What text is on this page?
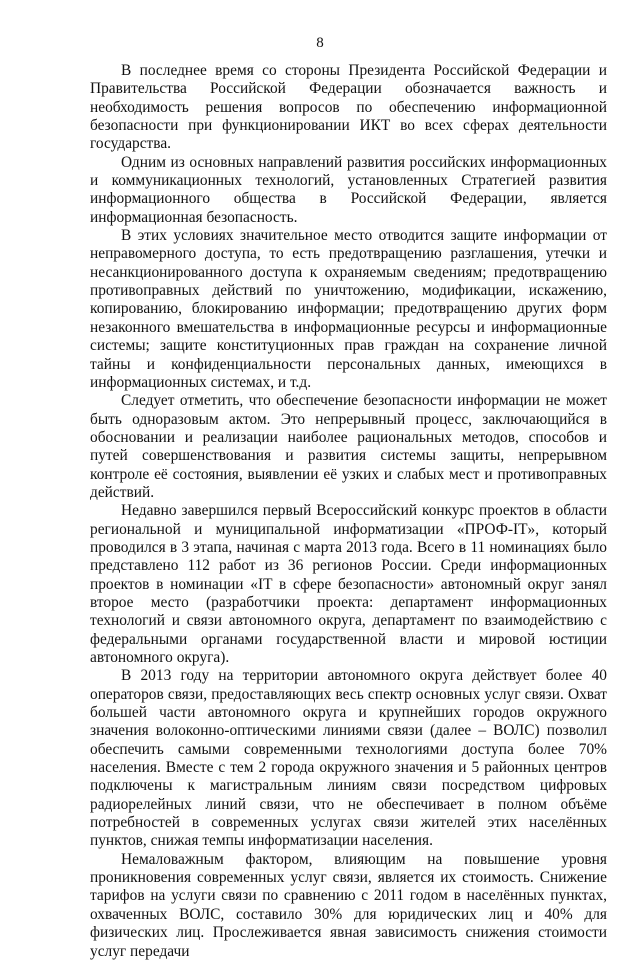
8

В последнее время со стороны Президента Российской Федерации и Правительства Российской Федерации обозначается важность и необходимость решения вопросов по обеспечению информационной безопасности при функционировании ИКТ во всех сферах деятельности государства.

Одним из основных направлений развития российских информационных и коммуникационных технологий, установленных Стратегией развития информационного общества в Российской Федерации, является информационная безопасность.

В этих условиях значительное место отводится защите информации от неправомерного доступа, то есть предотвращению разглашения, утечки и несанкционированного доступа к охраняемым сведениям; предотвращению противоправных действий по уничтожению, модификации, искажению, копированию, блокированию информации; предотвращению других форм незаконного вмешательства в информационные ресурсы и информационные системы; защите конституционных прав граждан на сохранение личной тайны и конфиденциальности персональных данных, имеющихся в информационных системах, и т.д.

Следует отметить, что обеспечение безопасности информации не может быть одноразовым актом. Это непрерывный процесс, заключающийся в обосновании и реализации наиболее рациональных методов, способов и путей совершенствования и развития системы защиты, непрерывном контроле её состояния, выявлении её узких и слабых мест и противоправных действий.

Недавно завершился первый Всероссийский конкурс проектов в области региональной и муниципальной информатизации «ПРОФ-IT», который проводился в 3 этапа, начиная с марта 2013 года. Всего в 11 номинациях было представлено 112 работ из 36 регионов России. Среди информационных проектов в номинации «IT в сфере безопасности» автономный округ занял второе место (разработчики проекта: департамент информационных технологий и связи автономного округа, департамент по взаимодействию с федеральными органами государственной власти и мировой юстиции автономного округа).

В 2013 году на территории автономного округа действует более 40 операторов связи, предоставляющих весь спектр основных услуг связи. Охват большей части автономного округа и крупнейших городов окружного значения волоконно-оптическими линиями связи (далее – ВОЛС) позволил обеспечить самыми современными технологиями доступа более 70% населения. Вместе с тем 2 города окружного значения и 5 районных центров подключены к магистральным линиям связи посредством цифровых радиорелейных линий связи, что не обеспечивает в полном объёме потребностей в современных услугах связи жителей этих населённых пунктов, снижая темпы информатизации населения.

Немаловажным фактором, влияющим на повышение уровня проникновения современных услуг связи, является их стоимость. Снижение тарифов на услуги связи по сравнению с 2011 годом в населённых пунктах, охваченных ВОЛС, составило 30% для юридических лиц и 40% для физических лиц. Прослеживается явная зависимость снижения стоимости услуг передачи
